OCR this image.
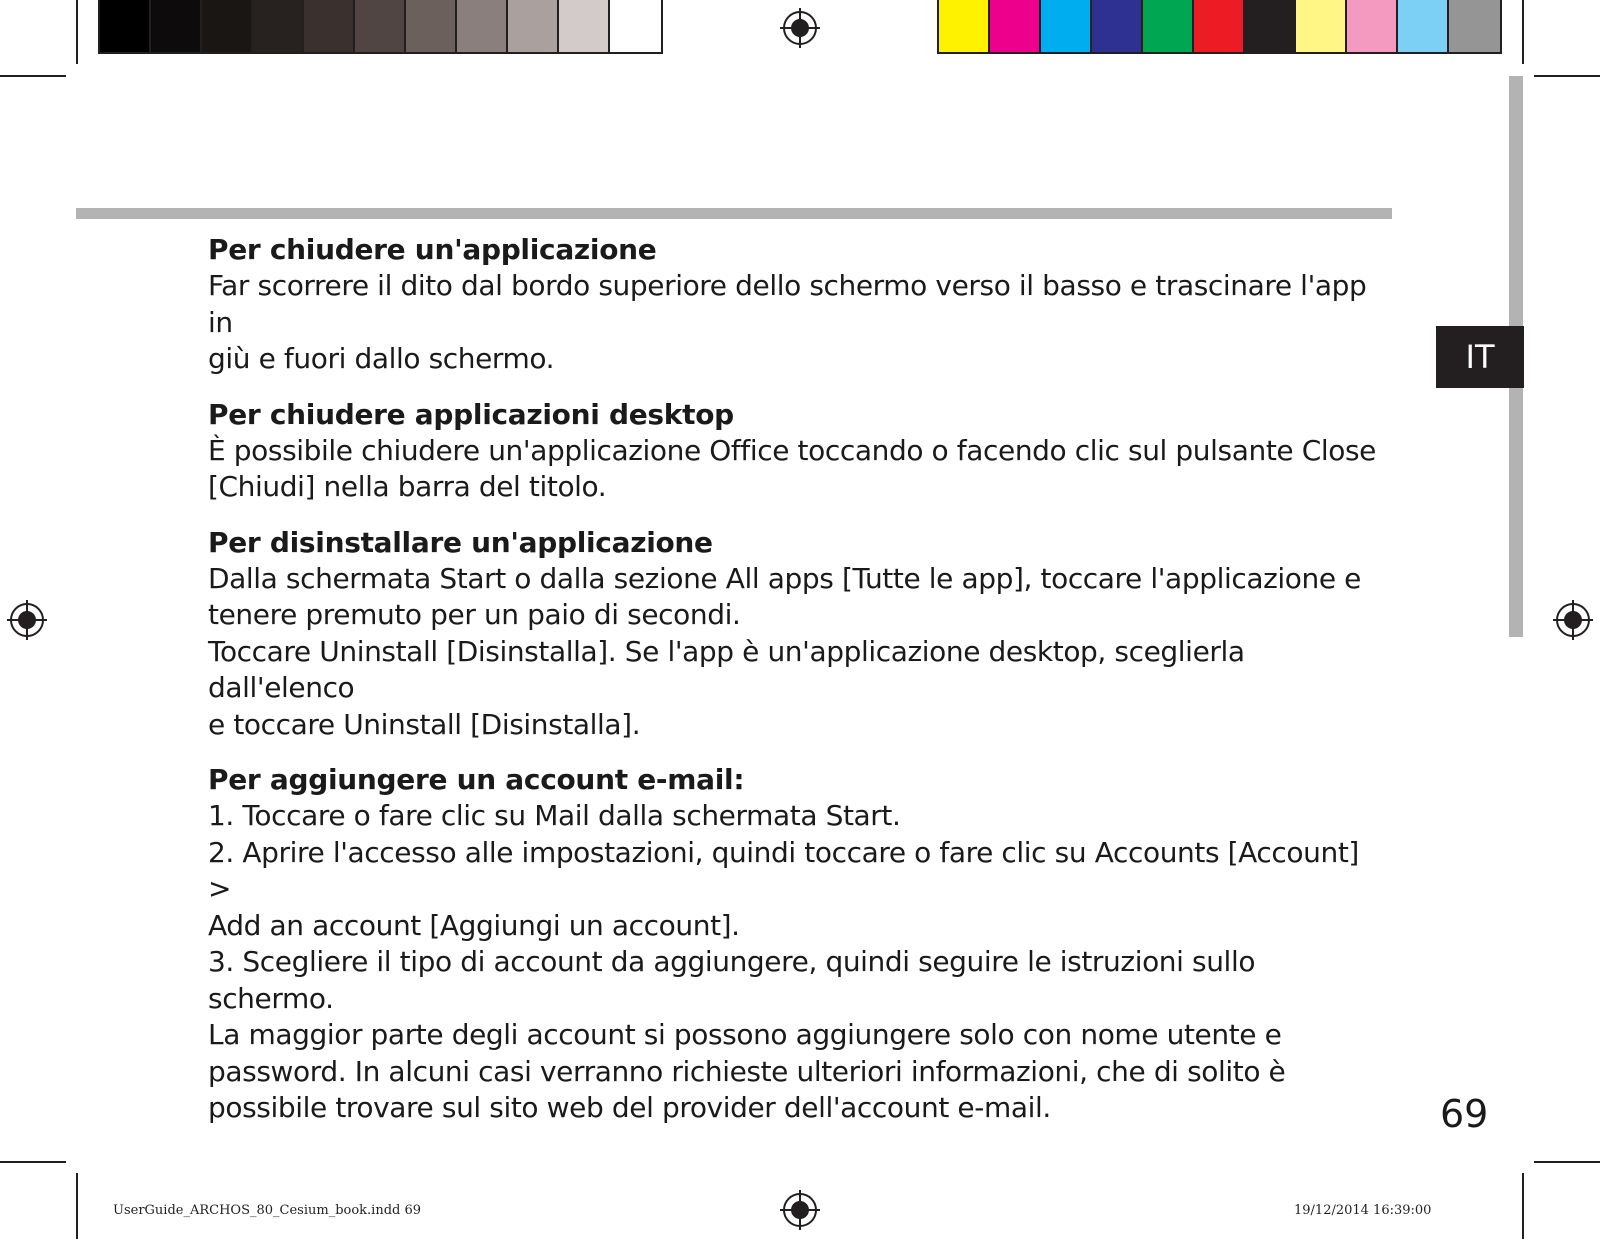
IT

Per chiudere un'applicazione

Far scorrere il dito dal bordo superiore dello schermo verso il basso e trascinare l'app in

giù e fuori dallo schermo.

Per chiudere applicazioni desktop

È possibile chiudere un'applicazione Office toccando o facendo clic sul pulsante Close

[Chiudi] nella barra del titolo.

Per disinstallare un'applicazione

Dalla schermata Start o dalla sezione All apps [Tutte le app], toccare l'applicazione e

tenere premuto per un paio di secondi.

Toccare Uninstall [Disinstalla]. Se l'app è un'applicazione desktop, sceglierla dall'elenco

e toccare Uninstall [Disinstalla].

Per aggiungere un account e-mail:

1. Toccare o fare clic su Mail dalla schermata Start.

2. Aprire l'accesso alle impostazioni, quindi toccare o fare clic su Accounts [Account] >

Add an account [Aggiungi un account].

3. Scegliere il tipo di account da aggiungere, quindi seguire le istruzioni sullo schermo.

La maggior parte degli account si possono aggiungere solo con nome utente e

password. In alcuni casi verranno richieste ulteriori informazioni, che di solito è

possibile trovare sul sito web del provider dell'account e-mail.	69
UserGuide_ARCHOS_80_Cesium_book.indd 69	19/12/2014 16:39:00
